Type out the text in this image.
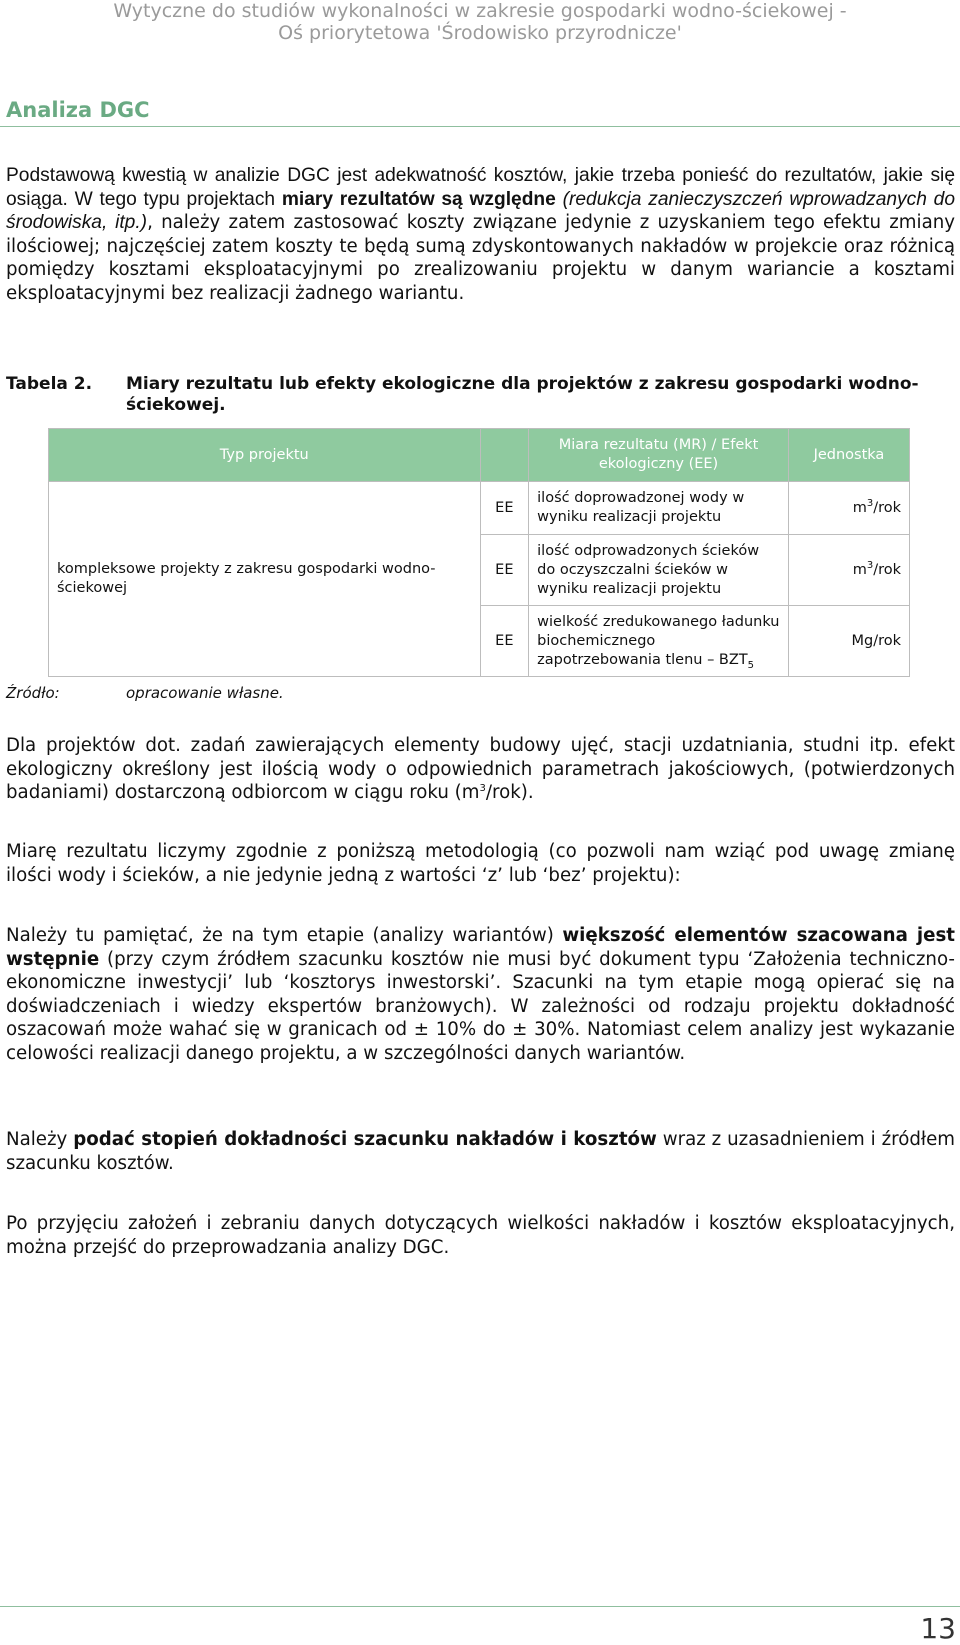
Wytyczne do studiów wykonalności w zakresie gospodarki wodno-ściekowej -
Oś priorytetowa 'Środowisko przyrodnicze'
Analiza DGC
Podstawową kwestią w analizie DGC jest adekwatność kosztów, jakie trzeba ponieść do rezultatów, jakie się osiąga. W tego typu projektach miary rezultatów są względne (redukcja zanieczyszczeń wprowadzanych do środowiska, itp.), należy zatem zastosować koszty związane jedynie z uzyskaniem tego efektu zmiany ilościowej; najczęściej zatem koszty te będą sumą zdyskontowanych nakładów w projekcie oraz różnicą pomiędzy kosztami eksploatacyjnymi po zrealizowaniu projektu w danym wariancie a kosztami eksploatacyjnymi bez realizacji żadnego wariantu.
Tabela 2. Miary rezultatu lub efekty ekologiczne dla projektów z zakresu gospodarki wodno-ściekowej.
Typ projektu		Miara rezultatu (MR) / Efekt ekologiczny (EE)	Jednostka
kompleksowe projekty z zakresu gospodarki wodno-ściekowej	EE	ilość doprowadzonej wody w wyniku realizacji projektu	$m^3$/rok
	EE	ilość odprowadzonych ścieków do oczyszczalni ścieków w wyniku realizacji projektu	$m^3$/rok
	EE	wielkość zredukowanego ładunku biochemicznego zapotrzebowania tlenu – $BZT_5$	Mg/rok
Źródło:	opracowanie własne.
Dla projektów dot. zadań zawierających elementy budowy ujęć, stacji uzdatniania, studni itp. efekt ekologiczny określony jest ilością wody o odpowiednich parametrach jakościowych, (potwierdzonych badaniami) dostarczoną odbiorcom w ciągu roku $(m^3/rok)$.
Miarę rezultatu liczymy zgodnie z poniższą metodologią (co pozwoli nam wziąć pod uwagę zmianę ilości wody i ścieków, a nie jedynie jedną z wartości ‘z’ lub ‘bez’ projektu):
Należy tu pamiętać, że na tym etapie (analizy wariantów) większość elementów szacowana jest wstępnie (przy czym źródłem szacunku kosztów nie musi być dokument typu ‘Założenia techniczno-ekonomiczne inwestycji’ lub ‘kosztorys inwestorski’. Szacunki na tym etapie mogą opierać się na doświadczeniach i wiedzy ekspertów branżowych). W zależności od rodzaju projektu dokładność oszacowań może wahać się w granicach od ± 10% do ± 30%. Natomiast celem analizy jest wykazanie celowości realizacji danego projektu, a w szczególności danych wariantów.
Należy podać stopień dokładności szacunku nakładów i kosztów wraz z uzasadnieniem i źródłem szacunku kosztów.
Po przyjęciu założeń i zebraniu danych dotyczących wielkości nakładów i kosztów eksploatacyjnych, można przejść do przeprowadzania analizy DGC.
13
